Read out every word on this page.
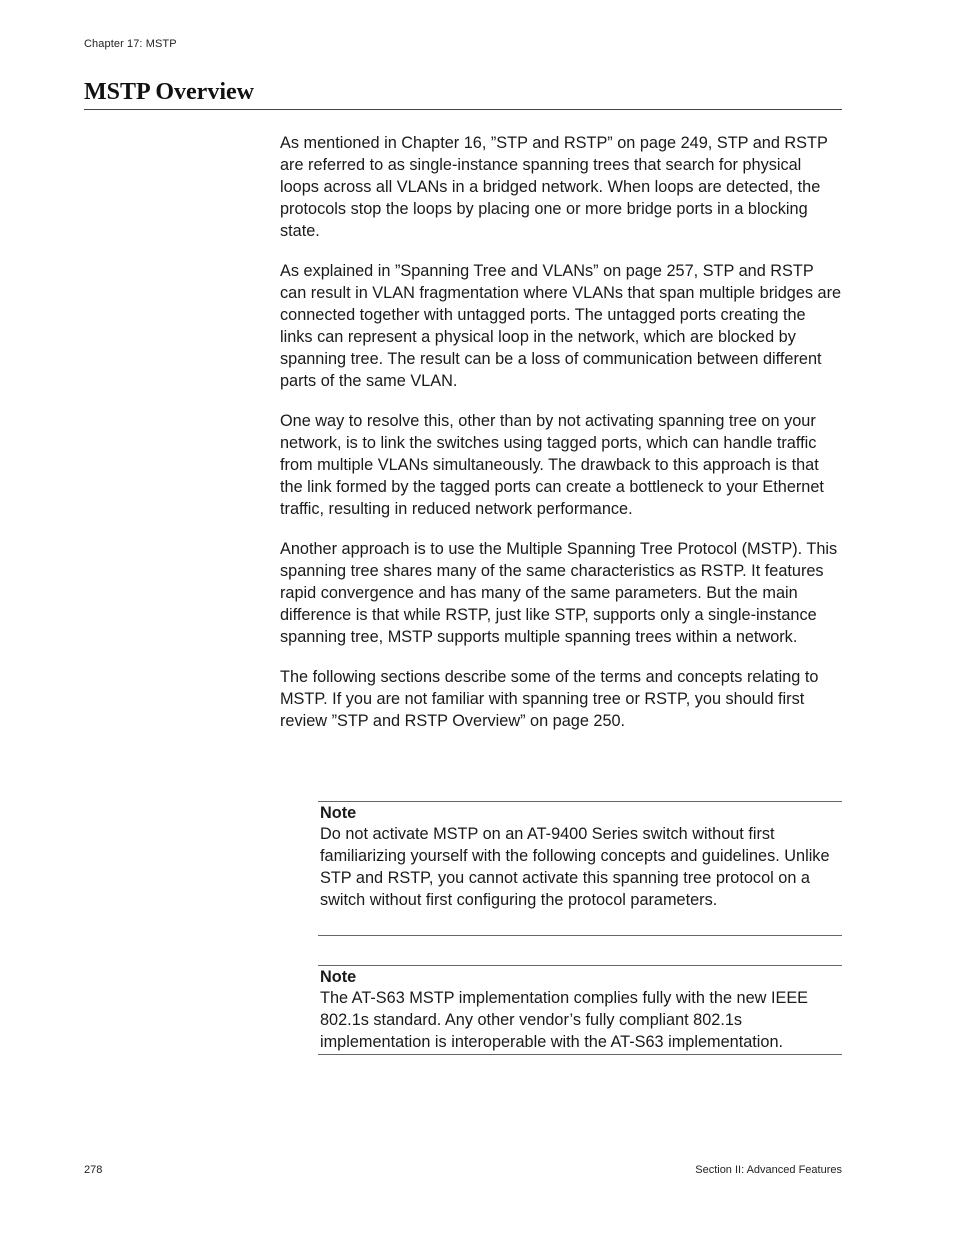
Chapter 17: MSTP
MSTP Overview

As mentioned in Chapter 16, ”STP and RSTP” on page 249, STP and RSTP are referred to as single-instance spanning trees that search for physical loops across all VLANs in a bridged network. When loops are detected, the protocols stop the loops by placing one or more bridge ports in a blocking state.

As explained in ”Spanning Tree and VLANs” on page 257, STP and RSTP can result in VLAN fragmentation where VLANs that span multiple bridges are connected together with untagged ports. The untagged ports creating the links can represent a physical loop in the network, which are blocked by spanning tree. The result can be a loss of communication between different parts of the same VLAN.

One way to resolve this, other than by not activating spanning tree on your network, is to link the switches using tagged ports, which can handle traffic from multiple VLANs simultaneously. The drawback to this approach is that the link formed by the tagged ports can create a bottleneck to your Ethernet traffic, resulting in reduced network performance.

Another approach is to use the Multiple Spanning Tree Protocol (MSTP). This spanning tree shares many of the same characteristics as RSTP. It features rapid convergence and has many of the same parameters. But the main difference is that while RSTP, just like STP, supports only a single-instance spanning tree, MSTP supports multiple spanning trees within a network.

The following sections describe some of the terms and concepts relating to MSTP. If you are not familiar with spanning tree or RSTP, you should first review ”STP and RSTP Overview” on page 250.

Note
Do not activate MSTP on an AT-9400 Series switch without first familiarizing yourself with the following concepts and guidelines. Unlike STP and RSTP, you cannot activate this spanning tree protocol on a switch without first configuring the protocol parameters.
Note
The AT-S63 MSTP implementation complies fully with the new IEEE 802.1s standard. Any other vendor’s fully compliant 802.1s implementation is interoperable with the AT-S63 implementation.
278	Section II: Advanced Features
